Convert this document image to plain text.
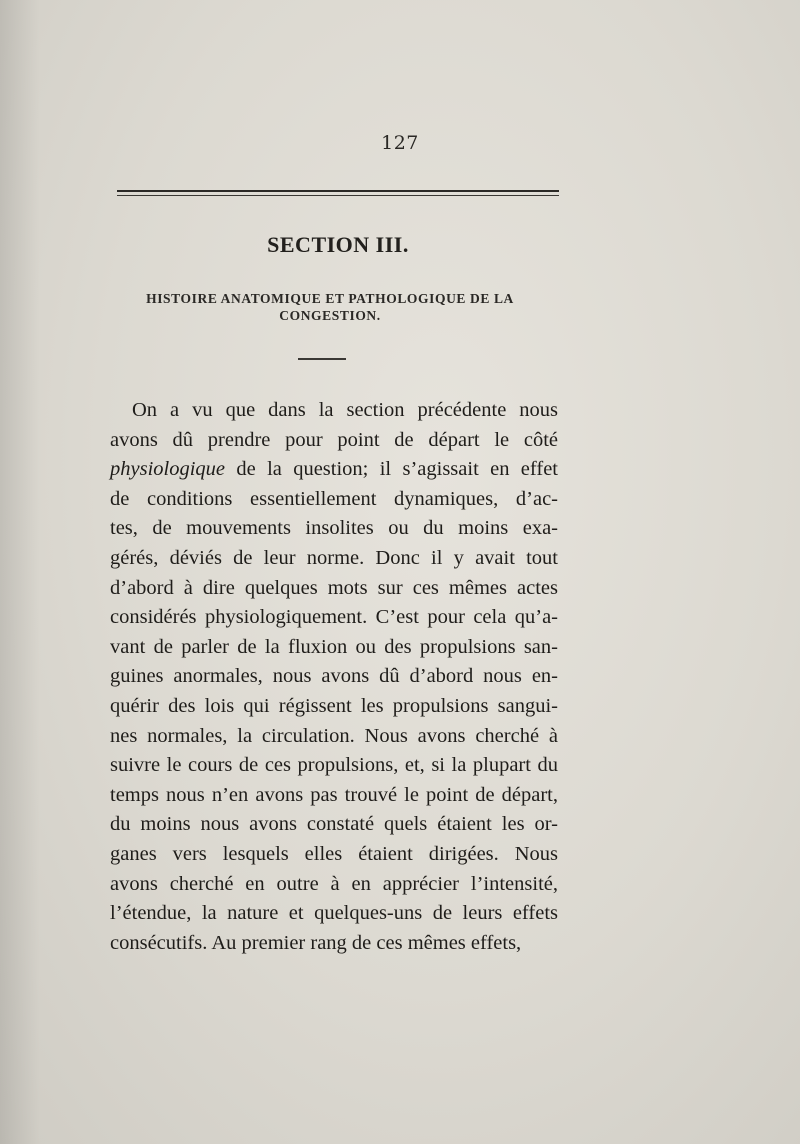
127
SECTION III.
HISTOIRE ANATOMIQUE ET PATHOLOGIQUE DE LA
CONGESTION.
On a vu que dans la section précédente nous
avons dû prendre pour point de départ le côté
physiologique de la question; il s’agissait en effet
de conditions essentiellement dynamiques, d’ac-
tes, de mouvements insolites ou du moins exa-
gérés, déviés de leur norme. Donc il y avait tout
d’abord à dire quelques mots sur ces mêmes actes
considérés physiologiquement. C’est pour cela qu’a-
vant de parler de la fluxion ou des propulsions san-
guines anormales, nous avons dû d’abord nous en-
quérir des lois qui régissent les propulsions sangui-
nes normales, la circulation. Nous avons cherché à
suivre le cours de ces propulsions, et, si la plupart du
temps nous n’en avons pas trouvé le point de départ,
du moins nous avons constaté quels étaient les or-
ganes vers lesquels elles étaient dirigées. Nous
avons cherché en outre à en apprécier l’intensité,
l’étendue, la nature et quelques-uns de leurs effets
consécutifs. Au premier rang de ces mêmes effets,
